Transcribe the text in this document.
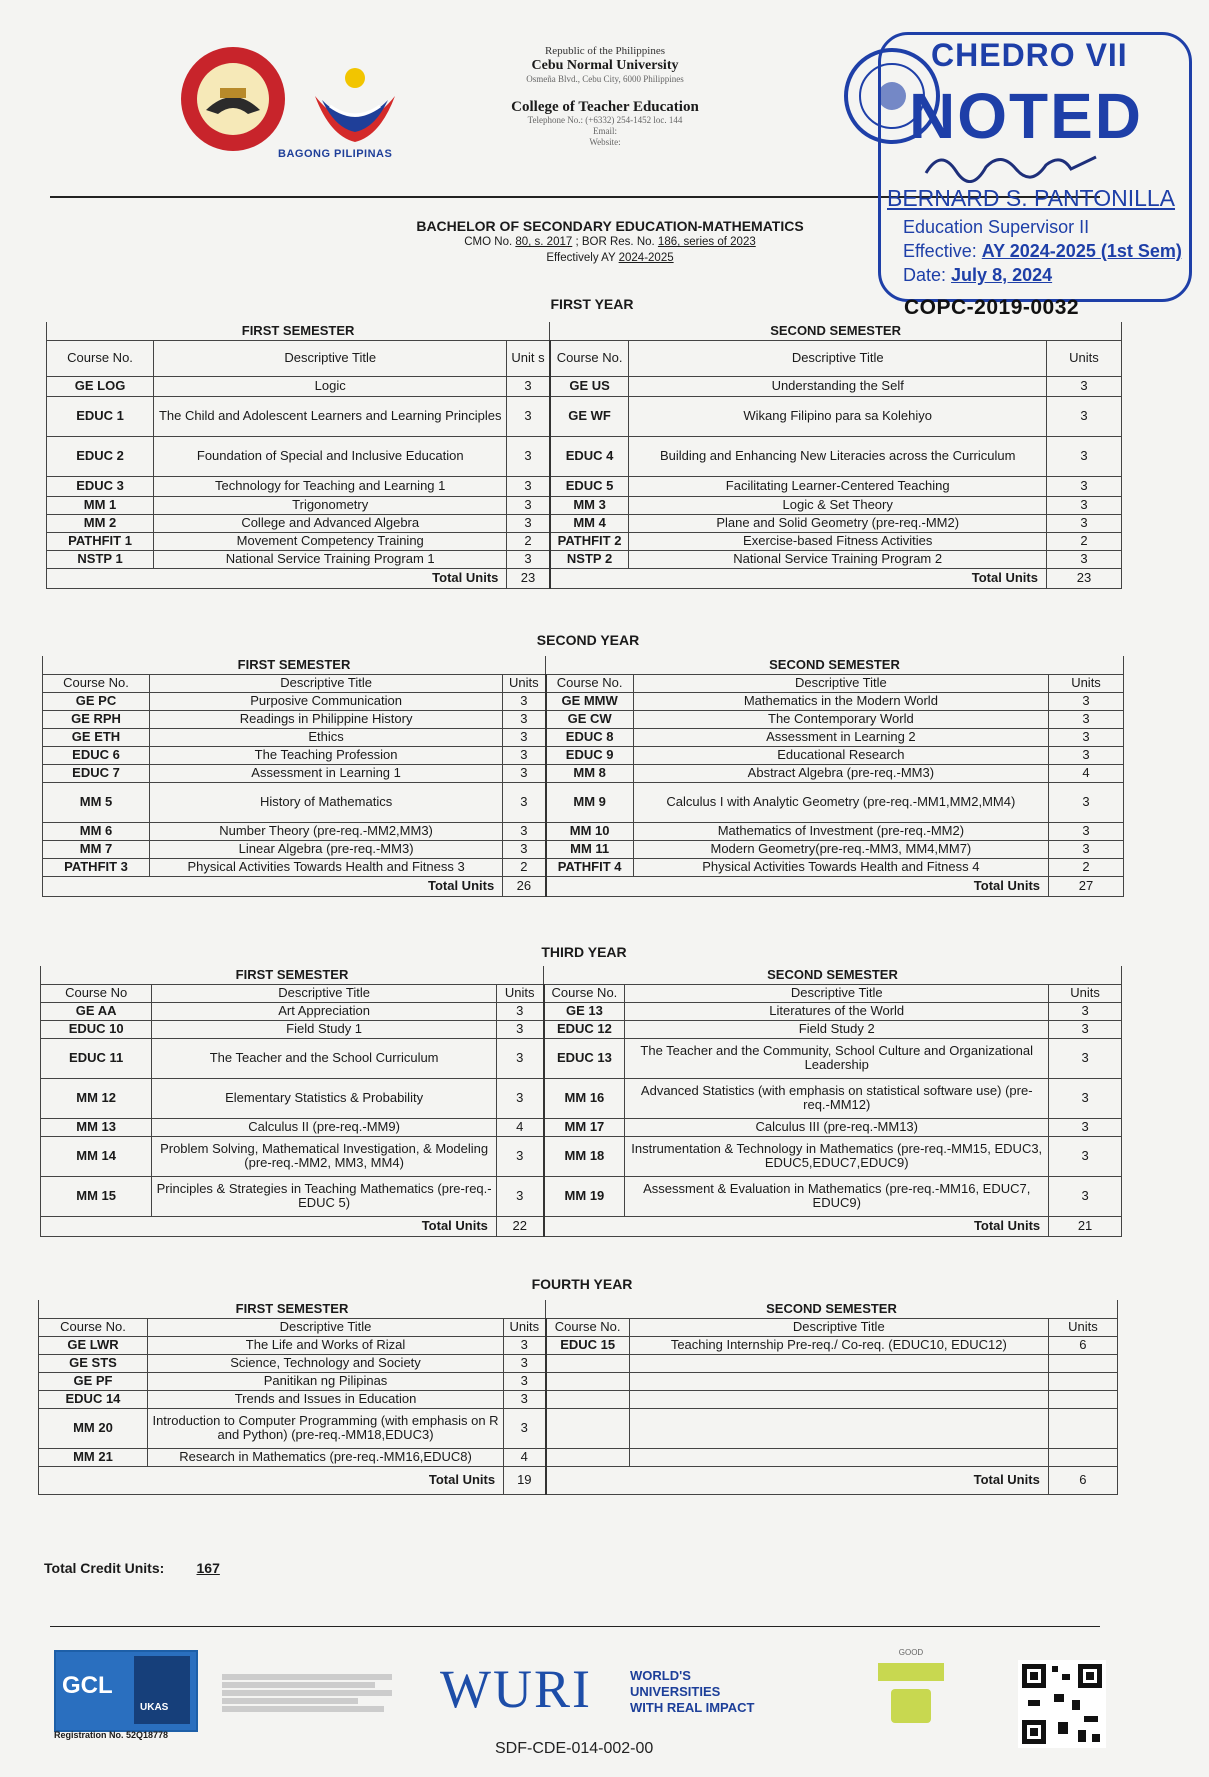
BAGONG PILIPINAS
Republic of the Philippines
Cebu Normal University
Osmeña Blvd., Cebu City, 6000 Philippines
College of Teacher Education
Telephone No.: (+6332) 254-1452 loc. 144
Email:
Website:
CHEDRO VII
NOTED
BERNARD S. PANTONILLA
Education Supervisor II
Effective: AY 2024-2025 (1st Sem)
Date: July 8, 2024
COPC-2019-0032
BACHELOR OF SECONDARY EDUCATION-MATHEMATICS
CMO No. 80, s. 2017 ; BOR Res. No. 186, series of 2023
Effectively AY 2024-2025
FIRST YEAR
SECOND YEAR
THIRD YEAR
FOURTH YEAR
FIRST SEMESTER			SECOND SEMESTER		
Course No.	Descriptive Title	Unit s	Course No.	Descriptive Title	Units
GE LOG	Logic	3	GE US	Understanding the Self	3
EDUC 1	The Child and Adolescent Learners and Learning Principles	3	GE WF	Wikang Filipino para sa Kolehiyo	3
EDUC 2	Foundation of Special and Inclusive Education	3	EDUC 4	Building and Enhancing New Literacies across the Curriculum	3
EDUC 3	Technology for Teaching and Learning 1	3	EDUC 5	Facilitating Learner-Centered Teaching	3
MM 1	Trigonometry	3	MM 3	Logic & Set Theory	3
MM 2	College and Advanced Algebra	3	MM 4	Plane and Solid Geometry (pre-req.-MM2)	3
PATHFIT 1	Movement Competency Training	2	PATHFIT 2	Exercise-based Fitness Activities	2
NSTP 1	National Service Training Program 1	3	NSTP 2	National Service Training Program 2	3
Total Units		23	Total Units		23
FIRST SEMESTER			SECOND SEMESTER		
Course No.	Descriptive Title	Units	Course No.	Descriptive Title	Units
GE PC	Purposive Communication	3	GE MMW	Mathematics in the Modern World	3
GE RPH	Readings in Philippine History	3	GE CW	The Contemporary World	3
GE ETH	Ethics	3	EDUC 8	Assessment in Learning 2	3
EDUC 6	The Teaching Profession	3	EDUC 9	Educational Research	3
EDUC 7	Assessment in Learning 1	3	MM 8	Abstract Algebra (pre-req.-MM3)	4
MM 5	History of Mathematics	3	MM 9	Calculus I with Analytic Geometry (pre-req.-MM1,MM2,MM4)	3
MM 6	Number Theory (pre-req.-MM2,MM3)	3	MM 10	Mathematics of Investment (pre-req.-MM2)	3
MM 7	Linear Algebra (pre-req.-MM3)	3	MM 11	Modern Geometry(pre-req.-MM3, MM4,MM7)	3
PATHFIT 3	Physical Activities Towards Health and Fitness 3	2	PATHFIT 4	Physical Activities Towards Health and Fitness 4	2
Total Units		26	Total Units		27
FIRST SEMESTER			SECOND SEMESTER		
Course No	Descriptive Title	Units	Course No.	Descriptive Title	Units
GE AA	Art Appreciation	3	GE 13	Literatures of the World	3
EDUC 10	Field Study 1	3	EDUC 12	Field Study 2	3
EDUC 11	The Teacher and the School Curriculum	3	EDUC 13	The Teacher and the Community, School Culture and Organizational Leadership	3
MM 12	Elementary Statistics & Probability	3	MM 16	Advanced Statistics (with emphasis on statistical software use) (pre-req.-MM12)	3
MM 13	Calculus II (pre-req.-MM9)	4	MM 17	Calculus III (pre-req.-MM13)	3
MM 14	Problem Solving, Mathematical Investigation, & Modeling (pre-req.-MM2, MM3, MM4)	3	MM 18	Instrumentation & Technology in Mathematics (pre-req.-MM15, EDUC3, EDUC5,EDUC7,EDUC9)	3
MM 15	Principles & Strategies in Teaching Mathematics (pre-req.-EDUC 5)	3	MM 19	Assessment & Evaluation in Mathematics (pre-req.-MM16, EDUC7, EDUC9)	3
Total Units		22	Total Units		21
FIRST SEMESTER			SECOND SEMESTER		
Course No.	Descriptive Title	Units	Course No.	Descriptive Title	Units
GE LWR	The Life and Works of Rizal	3	EDUC 15	Teaching Internship Pre-req./ Co-req. (EDUC10, EDUC12)	6
GE STS	Science, Technology and Society	3			
GE PF	Panitikan ng Pilipinas	3			
EDUC 14	Trends and Issues in Education	3			
MM 20	Introduction to Computer Programming (with emphasis on R and Python) (pre-req.-MM18,EDUC3)	3			
MM 21	Research in Mathematics (pre-req.-MM16,EDUC8)	4			
Total Units		19	Total Units		6
Total Credit Units: 167
GCL
UKAS
Registration No. 52Q18778
WURI	WORLD'S
UNIVERSITIES
WITH REAL IMPACT
GOOD
SDF-CDE-014-002-00
